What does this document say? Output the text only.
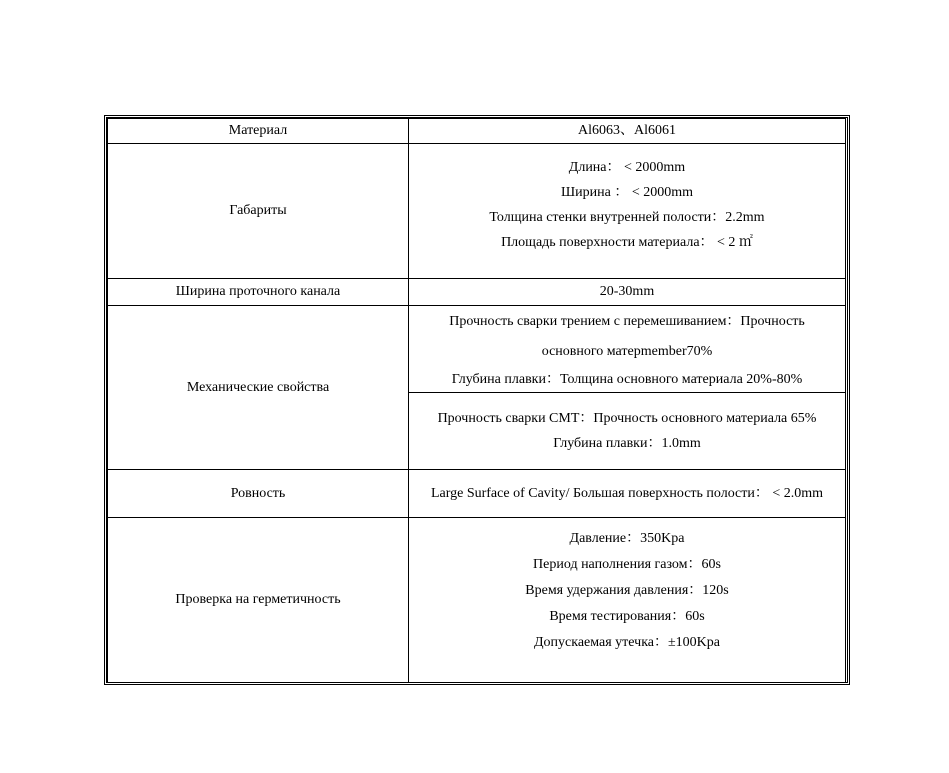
Материал	Al6063、Al6061
Габариты	Длина： < 2000mm
Ширина ： < 2000mm
Толщина стенки внутренней полости：2.2mm
Площадь поверхности материала： < 2 ㎡

Ширина проточного канала	20-30mm
Механические свойства	Прочность сварки трением с перемешиванием：Прочность
основного матерmember70%
Глубина плавки：Толщина основного материала 20%-80%

	Прочность сварки CMT：Прочность основного материала 65%
Глубина плавки：1.0mm

Ровность	Large Surface of Cavity/ Большая поверхность полости： < 2.0mm
Проверка на герметичность	Давление：350Kpa
Период наполнения газом：60s
Время удержания давления：120s
Время тестирования：60s
Допускаемая утечка：±100Kpa
